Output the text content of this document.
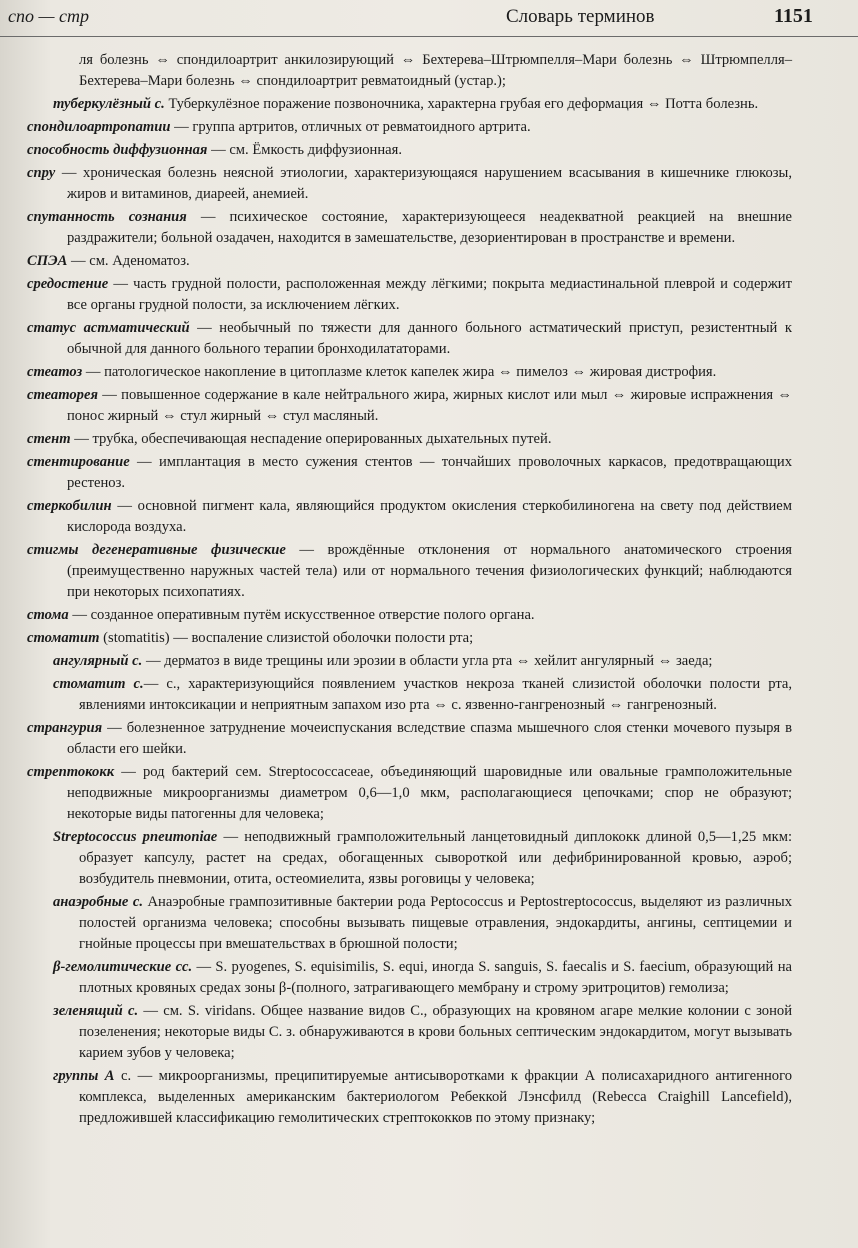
спо — стр	Словарь терминов	1151

ля болезнь ⇔ спондилоартрит анкилозирующий ⇔ Бехтерева–Штрюмпелля–Мари болезнь ⇔ Штрюмпелля–Бехтерева–Мари болезнь ⇔ спондилоартрит ревматоидный (устар.);

туберкулёзный с. Туберкулёзное поражение позвоночника, характерна грубая его деформация ⇔ Потта болезнь.

спондилоартропатии — группа артритов, отличных от ревматоидного артрита.

способность диффузионная — см. Ёмкость диффузионная.

спру — хроническая болезнь неясной этиологии, характеризующаяся нарушением всасывания в кишечнике глюкозы, жиров и витаминов, диареей, анемией.

спутанность сознания — психическое состояние, характеризующееся неадекватной реакцией на внешние раздражители; больной озадачен, находится в замешательстве, дезориентирован в пространстве и времени.

СПЭА — см. Аденоматоз.

средостение — часть грудной полости, расположенная между лёгкими; покрыта медиастинальной плеврой и содержит все органы грудной полости, за исключением лёгких.

статус астматический — необычный по тяжести для данного больного астматический приступ, резистентный к обычной для данного больного терапии бронходилататорами.

стеатоз — патологическое накопление в цитоплазме клеток капелек жира ⇔ пимелоз ⇔ жировая дистрофия.

стеаторея — повышенное содержание в кале нейтрального жира, жирных кислот или мыл ⇔ жировые испражнения ⇔ понос жирный ⇔ стул жирный ⇔ стул масляный.

стент — трубка, обеспечивающая неспадение оперированных дыхательных путей.

стентирование — имплантация в место сужения стентов — тончайших проволочных каркасов, предотвращающих рестеноз.

стеркобилин — основной пигмент кала, являющийся продуктом окисления стеркобилиногена на свету под действием кислорода воздуха.

стигмы дегенеративные физические — врождённые отклонения от нормального анатомического строения (преимущественно наружных частей тела) или от нормального течения физиологических функций; наблюдаются при некоторых психопатиях.

стома — созданное оперативным путём искусственное отверстие полого органа.

стоматит (stomatitis) — воспаление слизистой оболочки полости рта;

ангулярный с. — дерматоз в виде трещины или эрозии в области угла рта ⇔ хейлит ангулярный ⇔ заеда;

стоматит с.— с., характеризующийся появлением участков некроза тканей слизистой оболочки полости рта, явлениями интоксикации и неприятным запахом изо рта ⇔ с. язвенно-гангренозный ⇔ гангренозный.

странгурия — болезненное затруднение мочеиспускания вследствие спазма мышечного слоя стенки мочевого пузыря в области его шейки.

стрептококк — род бактерий сем. Streptococcaceae, объединяющий шаровидные или овальные грамположительные неподвижные микроорганизмы диаметром 0,6—1,0 мкм, располагающиеся цепочками; спор не образуют; некоторые виды патогенны для человека;

Streptococcus pneumoniae — неподвижный грамположительный ланцетовидный диплококк длиной 0,5—1,25 мкм: образует капсулу, растет на средах, обогащенных сывороткой или дефибринированной кровью, аэроб; возбудитель пневмонии, отита, остеомиелита, язвы роговицы у человека;

анаэробные с. Анаэробные грампозитивные бактерии рода Peptococcus и Peptostreptococcus, выделяют из различных полостей организма человека; способны вызывать пищевые отравления, эндокардиты, ангины, септицемии и гнойные процессы при вмешательствах в брюшной полости;

β-гемолитические сс. — S. pyogenes, S. equisimilis, S. equi, иногда S. sanguis, S. faecalis и S. faecium, образующий на плотных кровяных средах зоны β-(полного, затрагивающего мембрану и строму эритроцитов) гемолиза;

зеленящий с. — см. S. viridans. Общее название видов С., образующих на кровяном агаре мелкие колонии с зоной позеленения; некоторые виды С. з. обнаруживаются в крови больных септическим эндокардитом, могут вызывать карием зубов у человека;

группы А с. — микроорганизмы, преципитируемые антисыворотками к фракции А полисахаридного антигенного комплекса, выделенных американским бактериологом Ребеккой Лэнсфилд (Rebecca Craighill Lancefield), предложившей классификацию гемолитических стрептококков по этому признаку;
